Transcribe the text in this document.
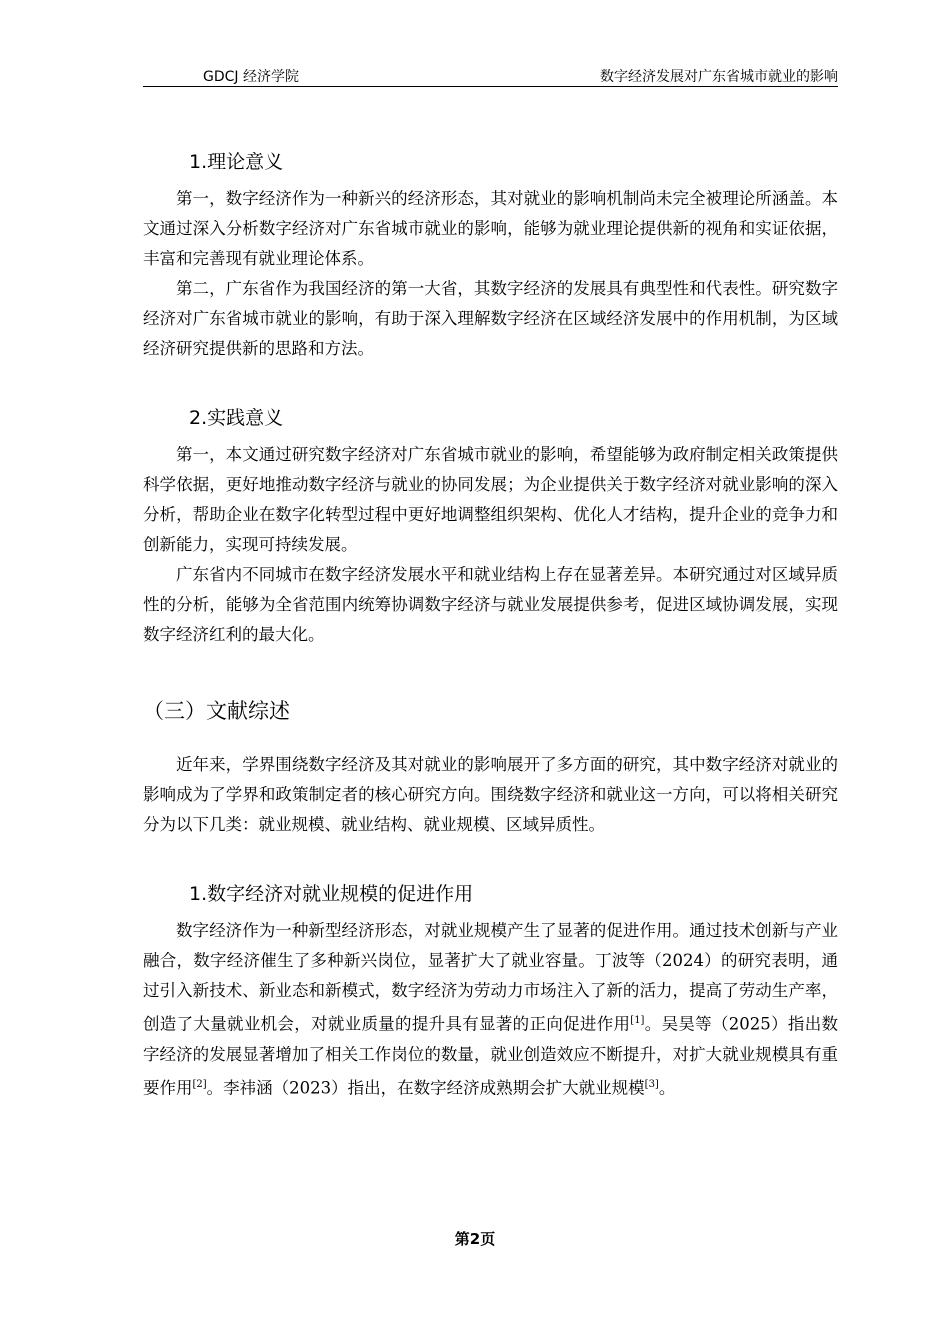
GDCJ 经济学院	数字经济发展对广东省城市就业的影响
1.理论意义

第一，数字经济作为一种新兴的经济形态，其对就业的影响机制尚未完全被理论所涵盖。本文通过深入分析数字经济对广东省城市就业的影响，能够为就业理论提供新的视角和实证依据，丰富和完善现有就业理论体系。

第二，广东省作为我国经济的第一大省，其数字经济的发展具有典型性和代表性。研究数字经济对广东省城市就业的影响，有助于深入理解数字经济在区域经济发展中的作用机制，为区域经济研究提供新的思路和方法。

2.实践意义

第一，本文通过研究数字经济对广东省城市就业的影响，希望能够为政府制定相关政策提供科学依据，更好地推动数字经济与就业的协同发展；为企业提供关于数字经济对就业影响的深入分析，帮助企业在数字化转型过程中更好地调整组织架构、优化人才结构，提升企业的竞争力和创新能力，实现可持续发展。

广东省内不同城市在数字经济发展水平和就业结构上存在显著差异。本研究通过对区域异质性的分析，能够为全省范围内统筹协调数字经济与就业发展提供参考，促进区域协调发展，实现数字经济红利的最大化。

（三）文献综述

近年来，学界围绕数字经济及其对就业的影响展开了多方面的研究，其中数字经济对就业的影响成为了学界和政策制定者的核心研究方向。围绕数字经济和就业这一方向，可以将相关研究分为以下几类：就业规模、就业结构、就业规模、区域异质性。

1.数字经济对就业规模的促进作用

数字经济作为一种新型经济形态，对就业规模产生了显著的促进作用。通过技术创新与产业融合，数字经济催生了多种新兴岗位，显著扩大了就业容量。丁波等（2024）的研究表明，通过引入新技术、新业态和新模式，数字经济为劳动力市场注入了新的活力，提高了劳动生产率，创造了大量就业机会，对就业质量的提升具有显著的正向促进作用[1]。吴昊等（2025）指出数字经济的发展显著增加了相关工作岗位的数量，就业创造效应不断提升，对扩大就业规模具有重要作用[2]。李祎涵（2023）指出，在数字经济成熟期会扩大就业规模[3]。

第2页
